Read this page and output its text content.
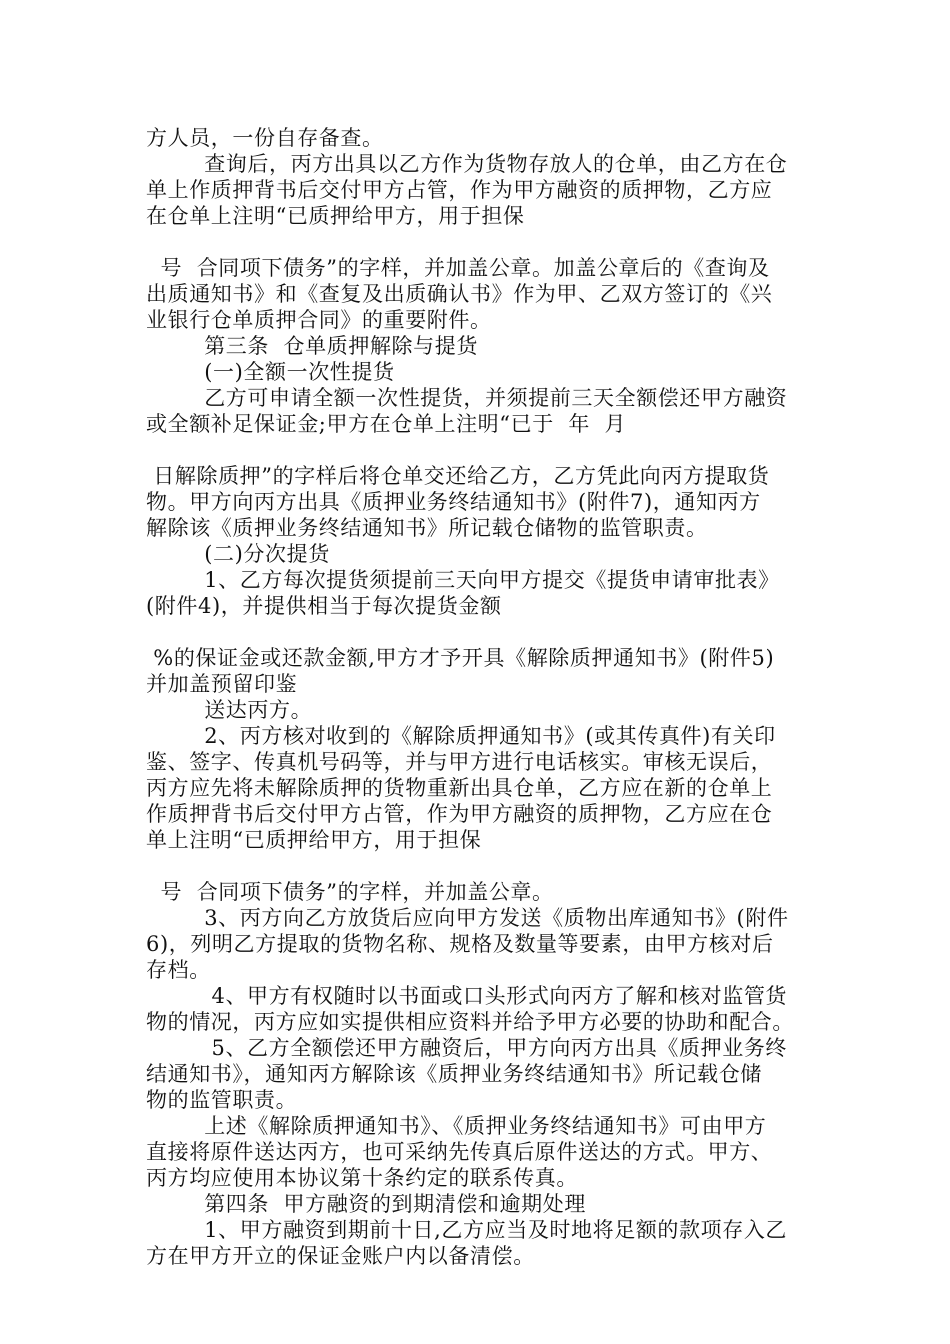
方人员，一份自存备查。
查询后，丙方出具以乙方作为货物存放人的仓单，由乙方在仓
单上作质押背书后交付甲方占管，作为甲方融资的质押物，乙方应
在仓单上注明“已质押给甲方，用于担保
号  合同项下债务”的字样，并加盖公章。加盖公章后的《查询及
出质通知书》和《查复及出质确认书》作为甲、乙双方签订的《兴
业银行仓单质押合同》的重要附件。
第三条  仓单质押解除与提货
(一)全额一次性提货
乙方可申请全额一次性提货，并须提前三天全额偿还甲方融资
或全额补足保证金;甲方在仓单上注明“已于  年  月
日解除质押”的字样后将仓单交还给乙方，乙方凭此向丙方提取货
物。甲方向丙方出具《质押业务终结通知书》(附件7)，通知丙方
解除该《质押业务终结通知书》所记载仓储物的监管职责。
(二)分次提货
1、乙方每次提货须提前三天向甲方提交《提货申请审批表》
(附件4)，并提供相当于每次提货金额
%的保证金或还款金额,甲方才予开具《解除质押通知书》(附件5)
并加盖预留印鉴
送达丙方。
2、丙方核对收到的《解除质押通知书》(或其传真件)有关印
鉴、签字、传真机号码等，并与甲方进行电话核实。审核无误后，
丙方应先将未解除质押的货物重新出具仓单，乙方应在新的仓单上
作质押背书后交付甲方占管，作为甲方融资的质押物，乙方应在仓
单上注明“已质押给甲方，用于担保
号  合同项下债务”的字样，并加盖公章。
3、丙方向乙方放货后应向甲方发送《质物出库通知书》(附件
6)，列明乙方提取的货物名称、规格及数量等要素，由甲方核对后
存档。
4、甲方有权随时以书面或口头形式向丙方了解和核对监管货
物的情况，丙方应如实提供相应资料并给予甲方必要的协助和配合。
5、乙方全额偿还甲方融资后，甲方向丙方出具《质押业务终
结通知书》，通知丙方解除该《质押业务终结通知书》所记载仓储
物的监管职责。
上述《解除质押通知书》、《质押业务终结通知书》可由甲方
直接将原件送达丙方，也可采纳先传真后原件送达的方式。甲方、
丙方均应使用本协议第十条约定的联系传真。
第四条  甲方融资的到期清偿和逾期处理
1、甲方融资到期前十日,乙方应当及时地将足额的款项存入乙
方在甲方开立的保证金账户内以备清偿。
